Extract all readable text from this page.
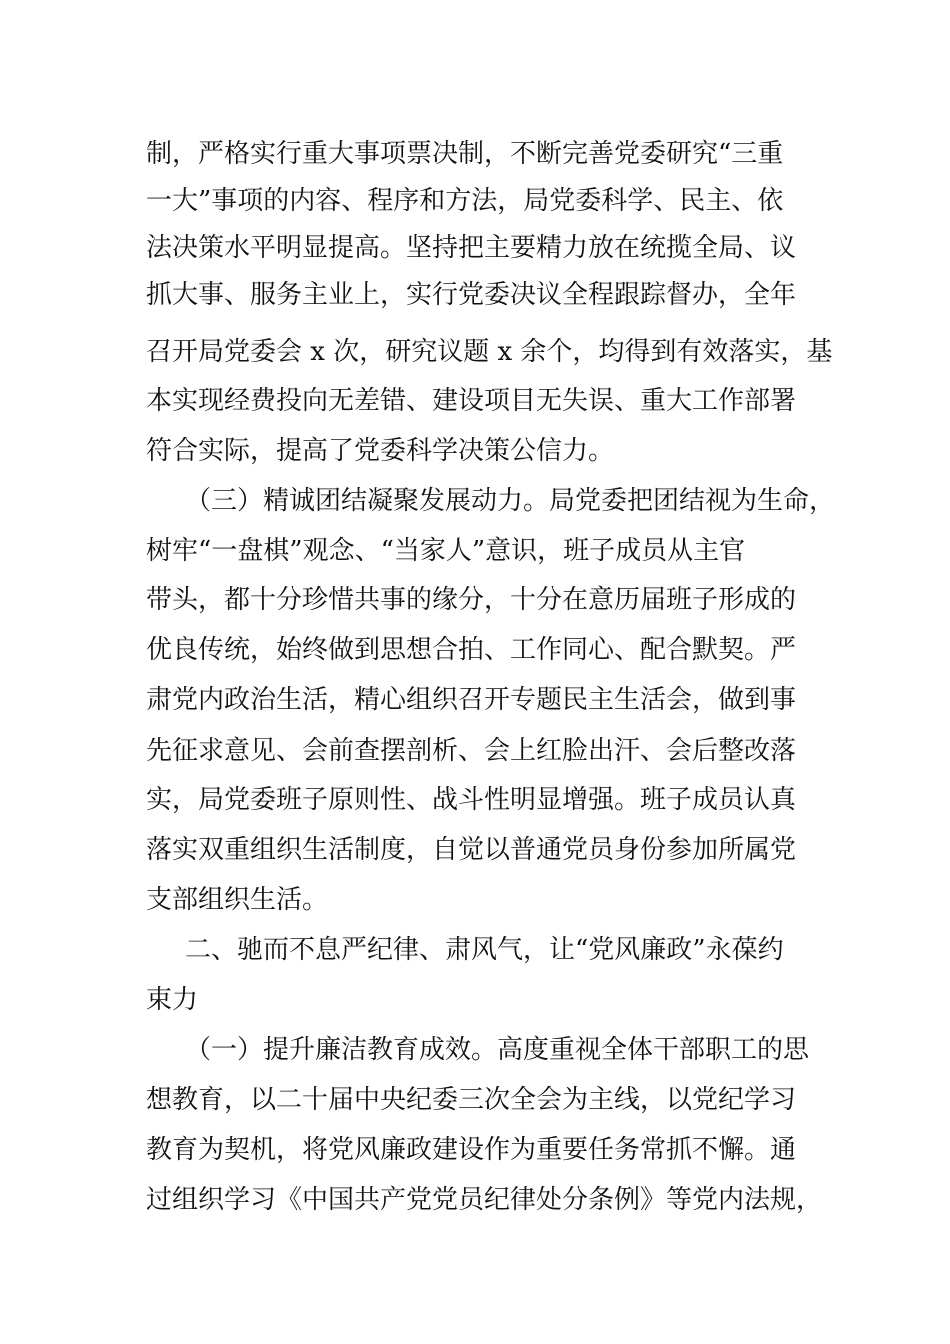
制，严格实行重大事项票决制，不断完善党委研究“三重
一大”事项的内容、程序和方法，局党委科学、民主、依
法决策水平明显提高。坚持把主要精力放在统揽全局、议
抓大事、服务主业上，实行党委决议全程跟踪督办，全年
召开局党委会 x 次，研究议题 x 余个，均得到有效落实，基
本实现经费投向无差错、建设项目无失误、重大工作部署
符合实际，提高了党委科学决策公信力。
（三）精诚团结凝聚发展动力。局党委把团结视为生命，
树牢“一盘棋”观念、“当家人”意识，班子成员从主官
带头，都十分珍惜共事的缘分，十分在意历届班子形成的
优良传统，始终做到思想合拍、工作同心、配合默契。严
肃党内政治生活，精心组织召开专题民主生活会，做到事
先征求意见、会前查摆剖析、会上红脸出汗、会后整改落
实，局党委班子原则性、战斗性明显增强。班子成员认真
落实双重组织生活制度，自觉以普通党员身份参加所属党
支部组织生活。
二、驰而不息严纪律、肃风气，让“党风廉政”永葆约
束力
（一）提升廉洁教育成效。高度重视全体干部职工的思
想教育，以二十届中央纪委三次全会为主线，以党纪学习
教育为契机，将党风廉政建设作为重要任务常抓不懈。通
过组织学习《中国共产党党员纪律处分条例》等党内法规，
